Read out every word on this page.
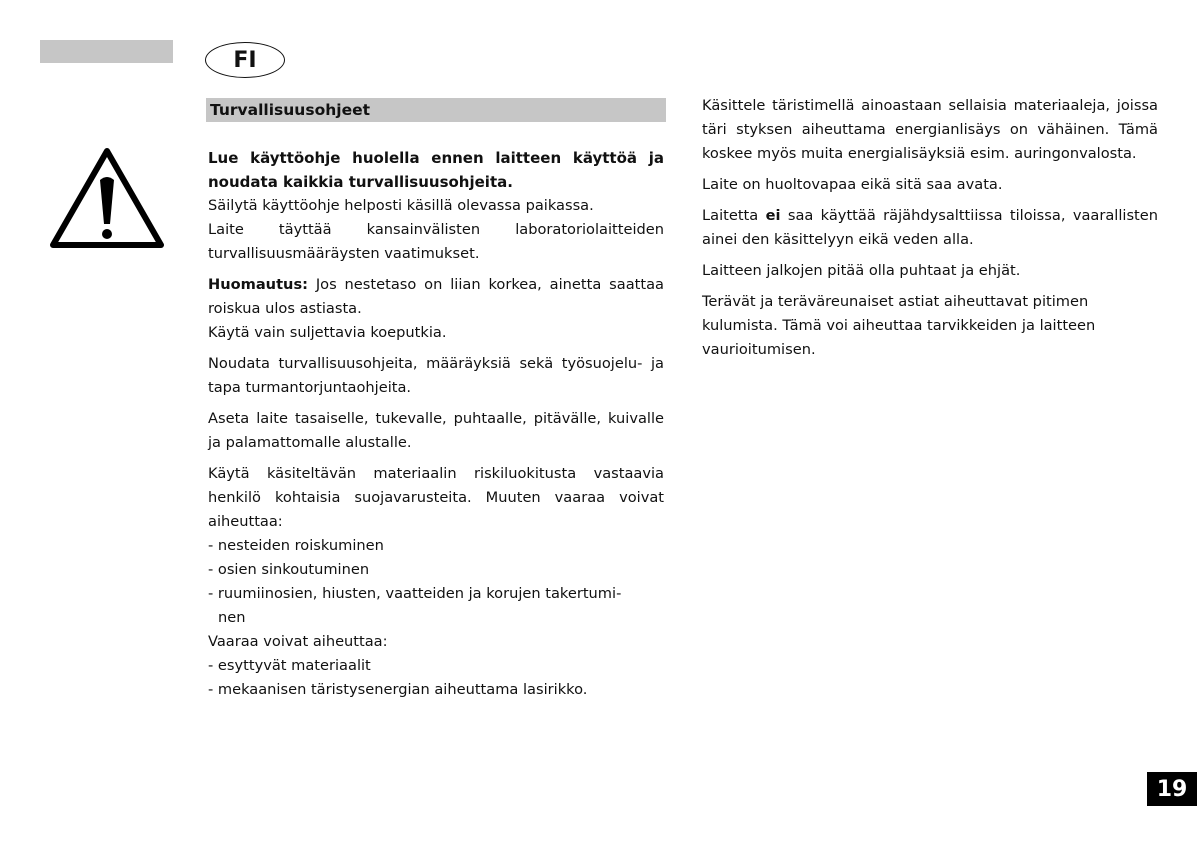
FI
Turvallisuusohjeet

Lue käyttöohje huolella ennen laitteen käyttöä ja noudata kaikkia turvallisuusohjeita.

Säilytä käyttöohje helposti käsillä olevassa paikassa.

Laite täyttää kansainvälisten laboratoriolaitteiden turvallisuusmääräysten vaatimukset.

Huomautus: Jos nestetaso on liian korkea, ainetta saattaa roiskua ulos astiasta.

Käytä vain suljettavia koeputkia.

Noudata turvallisuusohjeita, määräyksiä sekä työsuojelu- ja tapa turmantorjuntaohjeita.

Aseta laite tasaiselle, tukevalle, puhtaalle, pitävälle, kuivalle ja palamattomalle alustalle.

Käytä käsiteltävän materiaalin riskiluokitusta vastaavia henkilö kohtaisia suojavarusteita. Muuten vaaraa voivat aiheuttaa:

- nesteiden roiskuminen
- osien sinkoutuminen
- ruumiinosien, hiusten, vaatteiden ja korujen takertumi-
nen

Vaaraa voivat aiheuttaa:

- esyttyvät materiaalit
- mekaanisen täristysenergian aiheuttama lasirikko.

Käsittele täristimellä ainoastaan sellaisia materiaaleja, joissa täri styksen aiheuttama energianlisäys on vähäinen. Tämä koskee myös muita energialisäyksiä esim. auringonvalosta.

Laite on huoltovapaa eikä sitä saa avata.

Laitetta ei saa käyttää räjähdysalttiissa tiloissa, vaarallisten ainei den käsittelyyn eikä veden alla.

Laitteen jalkojen pitää olla puhtaat ja ehjät.

Terävät ja teräväreunaiset astiat aiheuttavat pitimen kulumista. Tämä voi aiheuttaa tarvikkeiden ja laitteen vaurioitumisen.

19
